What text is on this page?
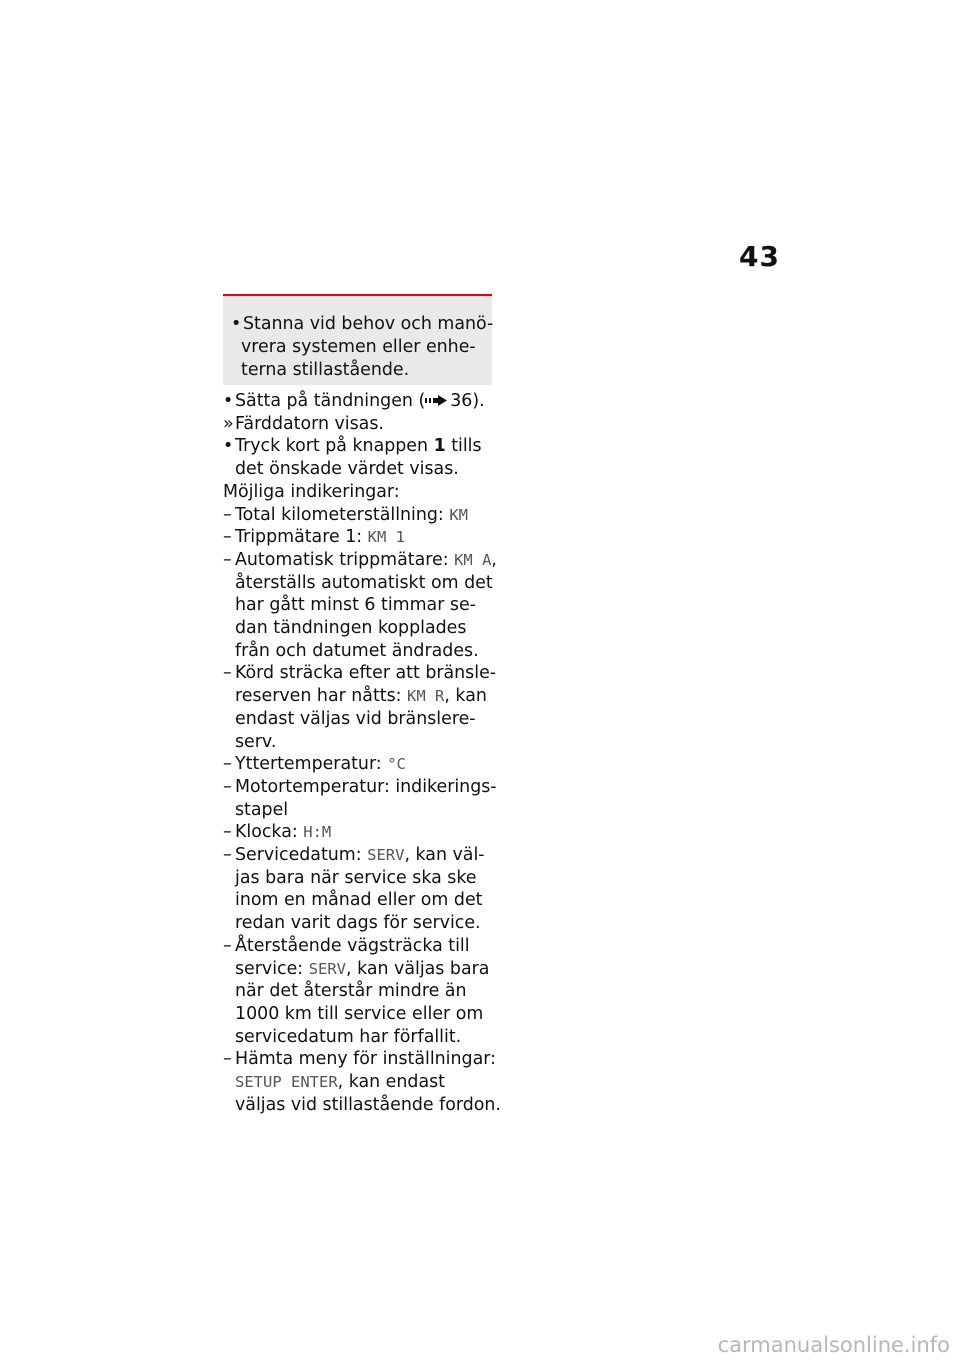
43
•Stanna vid behov och manö-
vrera systemen eller enhe-
terna stillastående.
•Sätta på tändningen ( 36).
»Färddatorn visas.
•Tryck kort på knappen 1 tills
det önskade värdet visas.
Möjliga indikeringar:
– Total kilometerställning: KM
– Trippmätare 1: KM 1
– Automatisk trippmätare: KM A,
återställs automatiskt om det
har gått minst 6 timmar se-
dan tändningen kopplades
från och datumet ändrades.
– Körd sträcka efter att bränsle-
reserven har nåtts: KM R, kan
endast väljas vid bränslere-
serv.
– Yttertemperatur: °C
– Motortemperatur: indikerings-
stapel
– Klocka: H:M
– Servicedatum: SERV, kan väl-
jas bara när service ska ske
inom en månad eller om det
redan varit dags för service.
– Återstående vägsträcka till
service: SERV, kan väljas bara
när det återstår mindre än
1000 km till service eller om
servicedatum har förfallit.
– Hämta meny för inställningar:
SETUP ENTER, kan endast
väljas vid stillastående fordon.
carmanualsonline.info
